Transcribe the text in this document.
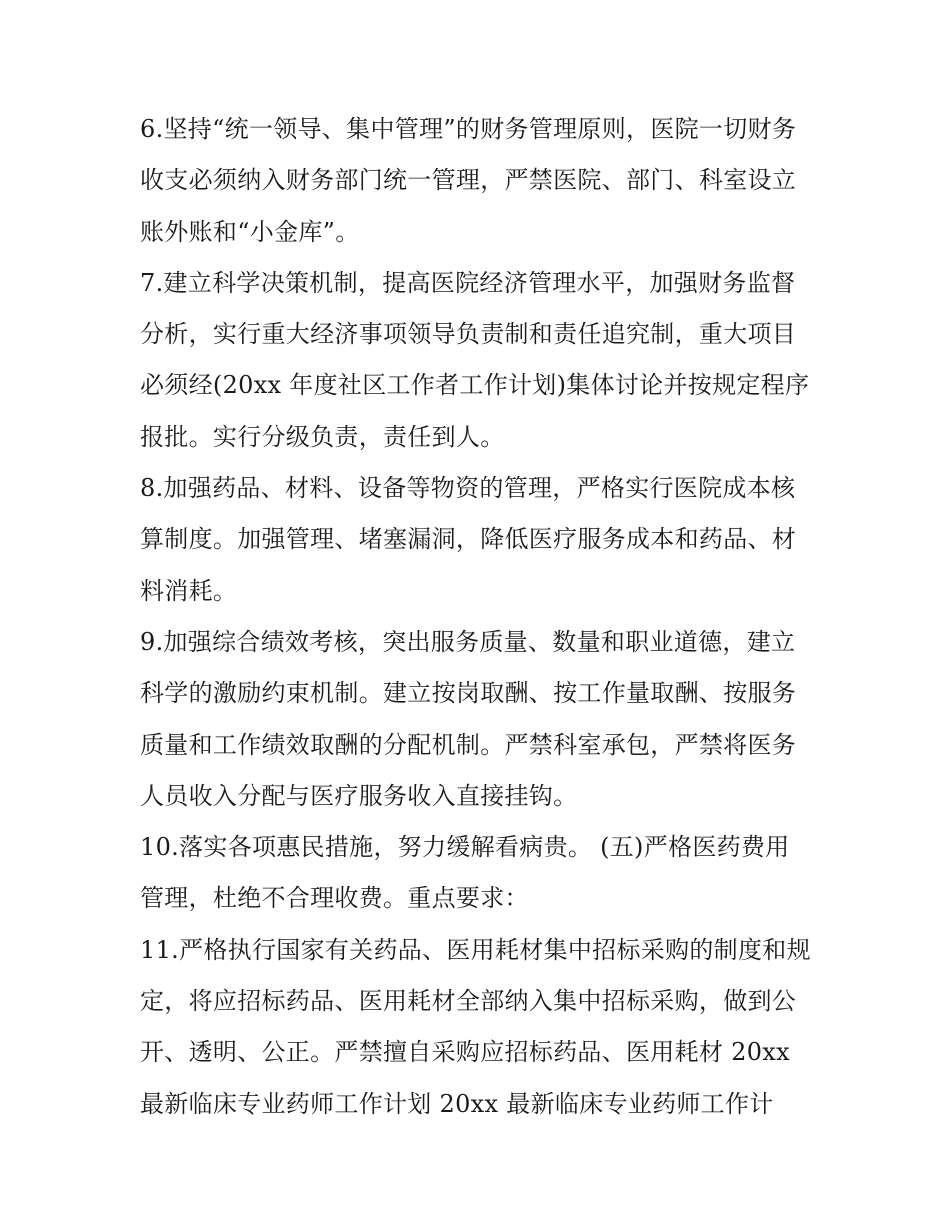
6.坚持“统一领导、集中管理”的财务管理原则，医院一切财务
收支必须纳入财务部门统一管理，严禁医院、部门、科室设立
账外账和“小金库”。
7.建立科学决策机制，提高医院经济管理水平，加强财务监督
分析，实行重大经济事项领导负责制和责任追究制，重大项目
必须经(20xx 年度社区工作者工作计划)集体讨论并按规定程序
报批。实行分级负责，责任到人。
8.加强药品、材料、设备等物资的管理，严格实行医院成本核
算制度。加强管理、堵塞漏洞，降低医疗服务成本和药品、材
料消耗。
9.加强综合绩效考核，突出服务质量、数量和职业道德，建立
科学的激励约束机制。建立按岗取酬、按工作量取酬、按服务
质量和工作绩效取酬的分配机制。严禁科室承包，严禁将医务
人员收入分配与医疗服务收入直接挂钩。
10.落实各项惠民措施，努力缓解看病贵。 (五)严格医药费用
管理，杜绝不合理收费。重点要求：
11.严格执行国家有关药品、医用耗材集中招标采购的制度和规
定，将应招标药品、医用耗材全部纳入集中招标采购，做到公
开、透明、公正。严禁擅自采购应招标药品、医用耗材 20xx
最新临床专业药师工作计划 20xx 最新临床专业药师工作计
